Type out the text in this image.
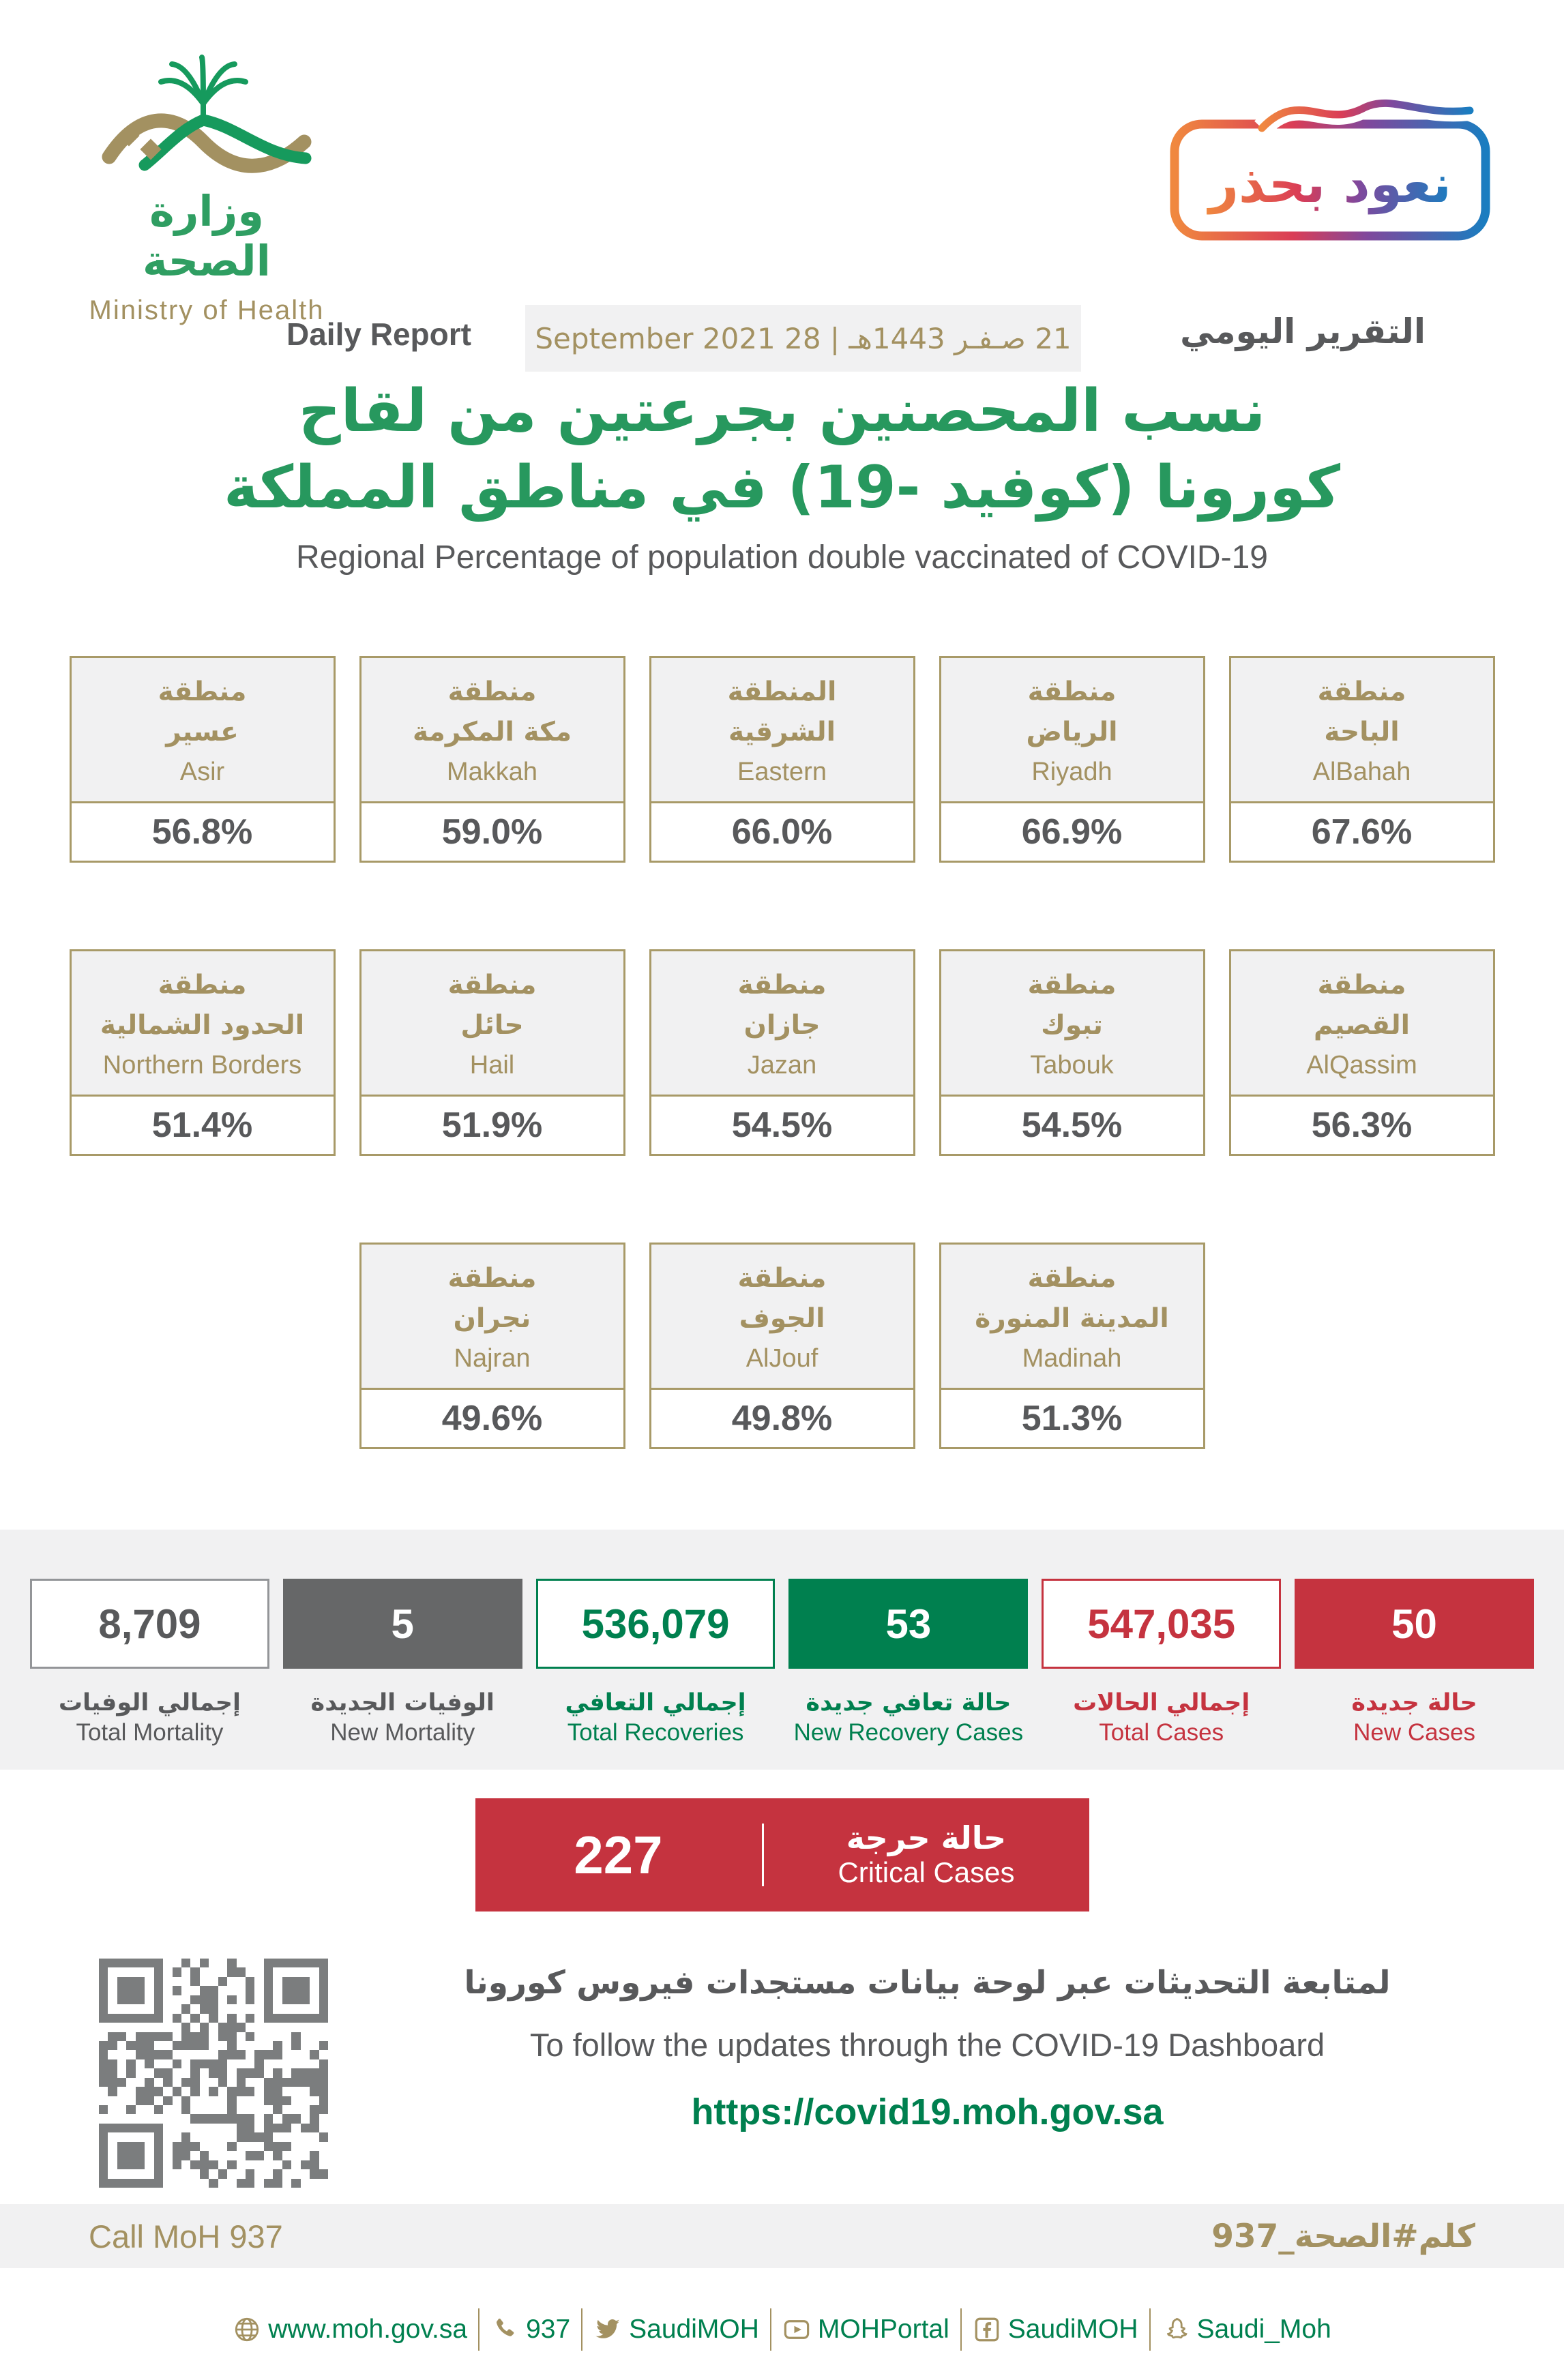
وزارة الصحة
Ministry of Health
نعود بحذر
Daily Report	21 صـفـر 1443هـ | 28 September 2021	التقرير اليومي
نسب المحصنين بجرعتين من لقاح
كورونا (كوفيد -19) في مناطق المملكة
Regional Percentage of population double vaccinated of COVID-19
منطقة
عسير
Asir
56.8%
منطقة
مكة المكرمة
Makkah
59.0%
المنطقة
الشرقية
Eastern
66.0%
منطقة
الرياض
Riyadh
66.9%
منطقة
الباحة
AlBahah
67.6%
منطقة
الحدود الشمالية
Northern Borders
51.4%
منطقة
حائل
Hail
51.9%
منطقة
جازان
Jazan
54.5%
منطقة
تبوك
Tabouk
54.5%
منطقة
القصيم
AlQassim
56.3%
منطقة
نجران
Najran
49.6%
منطقة
الجوف
AlJouf
49.8%
منطقة
المدينة المنورة
Madinah
51.3%
8,709
إجمالي الوفيات
Total Mortality
5
الوفيات الجديدة
New Mortality
536,079
إجمالي التعافي
Total Recoveries
53
حالة تعافي جديدة
New Recovery Cases
547,035
إجمالي الحالات
Total Cases
50
حالة جديدة
New Cases
227	حالة حرجة
Critical Cases
لمتابعة التحديثات عبر لوحة بيانات مستجدات فيروس كورونا
To follow the updates through the COVID-19 Dashboard
https://covid19.moh.gov.sa
Call MoH 937	كلم#الصحة_937
www.moh.gov.sa 937 SaudiMOH MOHPortal SaudiMOH Saudi_Moh
